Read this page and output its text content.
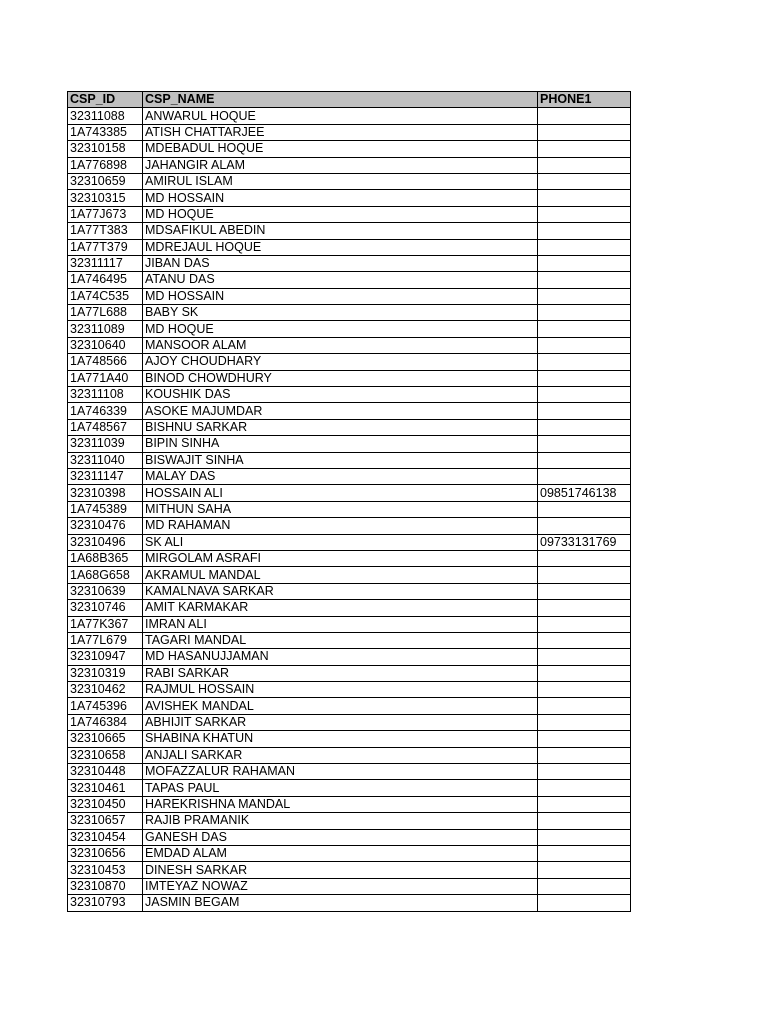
CSP_ID	CSP_NAME	PHONE1
32311088	ANWARUL HOQUE	
1A743385	ATISH CHATTARJEE	
32310158	MDEBADUL HOQUE	
1A776898	JAHANGIR ALAM	
32310659	AMIRUL ISLAM	
32310315	MD HOSSAIN	
1A77J673	MD HOQUE	
1A77T383	MDSAFIKUL ABEDIN	
1A77T379	MDREJAUL HOQUE	
32311117	JIBAN DAS	
1A746495	ATANU DAS	
1A74C535	MD HOSSAIN	
1A77L688	BABY SK	
32311089	MD HOQUE	
32310640	MANSOOR ALAM	
1A748566	AJOY CHOUDHARY	
1A771A40	BINOD CHOWDHURY	
32311108	KOUSHIK DAS	
1A746339	ASOKE MAJUMDAR	
1A748567	BISHNU SARKAR	
32311039	BIPIN SINHA	
32311040	BISWAJIT SINHA	
32311147	MALAY DAS	
32310398	HOSSAIN ALI	09851746138
1A745389	MITHUN SAHA	
32310476	MD RAHAMAN	
32310496	SK ALI	09733131769
1A68B365	MIRGOLAM ASRAFI	
1A68G658	AKRAMUL MANDAL	
32310639	KAMALNAVA SARKAR	
32310746	AMIT KARMAKAR	
1A77K367	IMRAN ALI	
1A77L679	TAGARI MANDAL	
32310947	MD HASANUJJAMAN	
32310319	RABI SARKAR	
32310462	RAJMUL HOSSAIN	
1A745396	AVISHEK MANDAL	
1A746384	ABHIJIT SARKAR	
32310665	SHABINA KHATUN	
32310658	ANJALI SARKAR	
32310448	MOFAZZALUR RAHAMAN	
32310461	TAPAS PAUL	
32310450	HAREKRISHNA MANDAL	
32310657	RAJIB PRAMANIK	
32310454	GANESH DAS	
32310656	EMDAD ALAM	
32310453	DINESH SARKAR	
32310870	IMTEYAZ NOWAZ	
32310793	JASMIN BEGAM	
